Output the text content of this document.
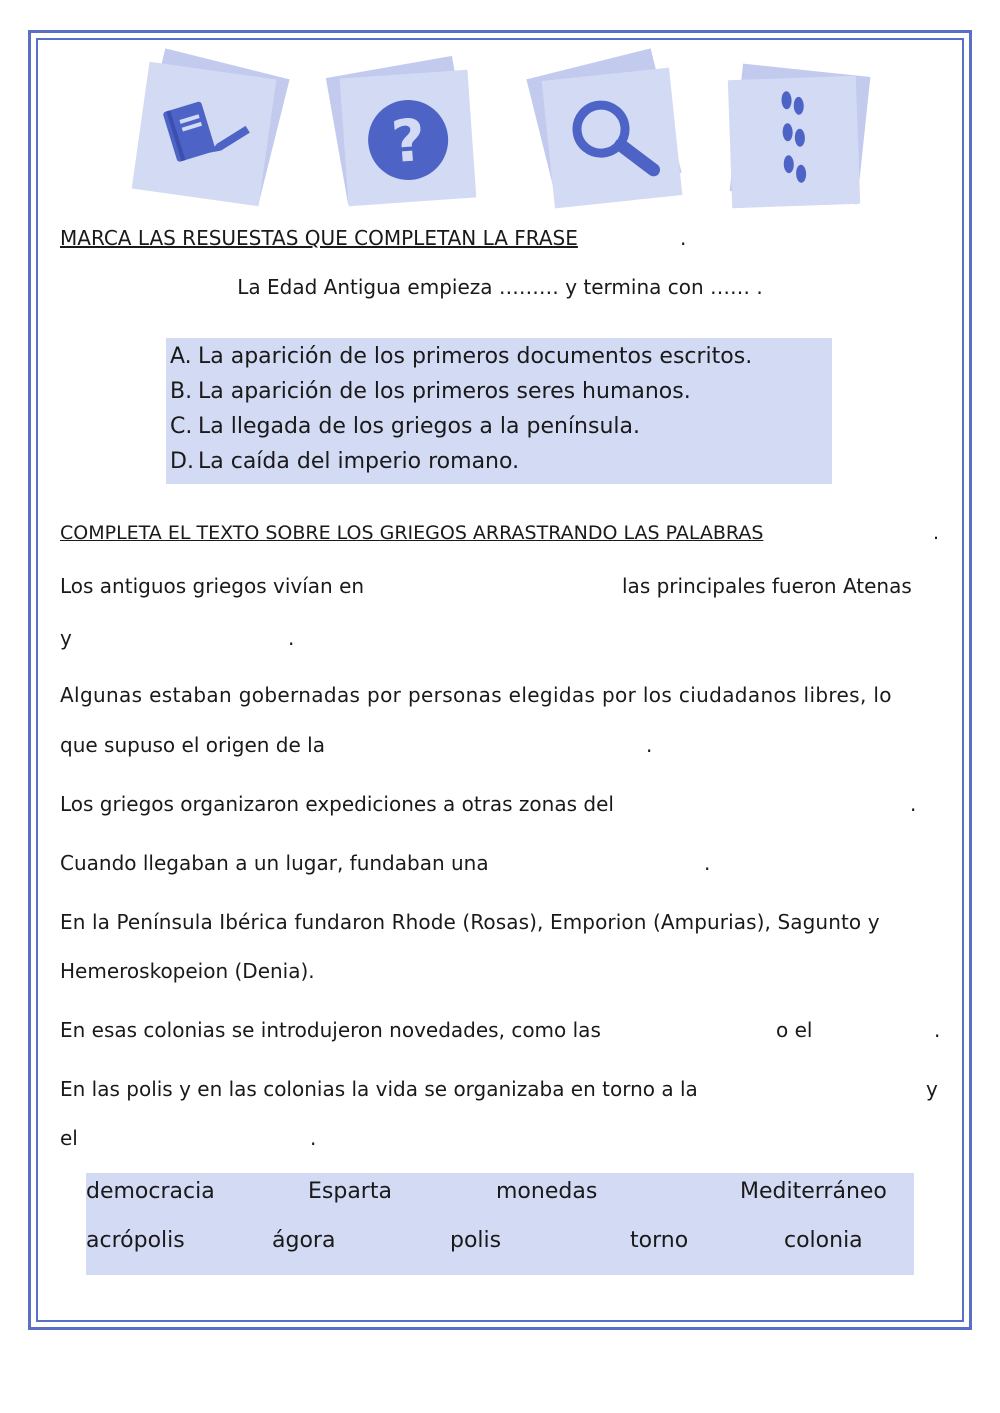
?
MARCA LAS RESUESTAS QUE COMPLETAN LA FRASE	.
La Edad Antigua empieza ……… y termina con …… .
A. La aparición de los primeros documentos escritos.
B. La aparición de los primeros seres humanos.
C. La llegada de los griegos a la península.
D. La caída del imperio romano.
COMPLETA EL TEXTO SOBRE LOS GRIEGOS ARRASTRANDO LAS PALABRAS	.
Los antiguos griegos vivían en	las principales fueron Atenas
y	.
Algunas estaban gobernadas por personas elegidas por los ciudadanos libres, lo
que supuso el origen de la	.
Los griegos organizaron expediciones a otras zonas del	.
Cuando llegaban a un lugar, fundaban una	.
En la Península Ibérica fundaron Rhode (Rosas), Emporion (Ampurias), Sagunto y
Hemeroskopeion (Denia).
En esas colonias se introdujeron novedades, como las	o el	.
En las polis y en las colonias la vida se organizaba en torno a la	y
el	.
democracia	Esparta	monedas	Mediterráneo
acrópolis	ágora	polis	torno	colonia
